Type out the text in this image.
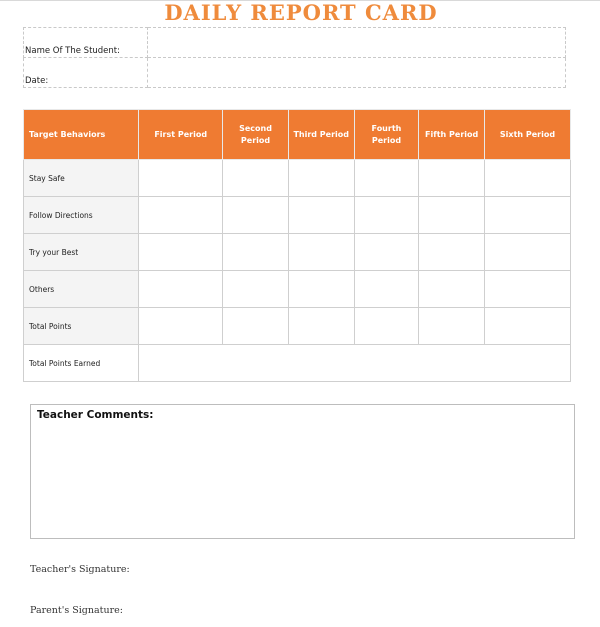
DAILY REPORT CARD
Name Of The Student:	
Date:	
Target Behaviors	First Period	Second Period	Third Period	Fourth Period	Fifth Period	Sixth Period
Stay Safe						
Follow Directions						
Try your Best						
Others						
Total Points						
Total Points Earned						
Teacher Comments:
Teacher's Signature:
Parent's Signature:
